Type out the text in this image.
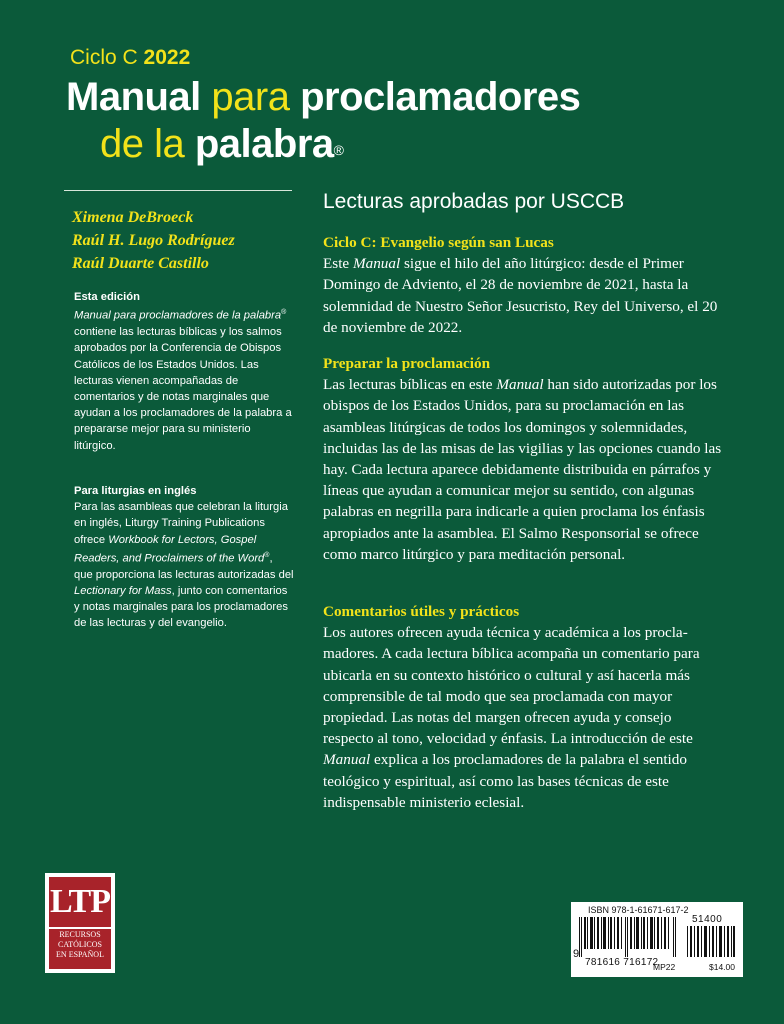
Ciclo C 2022
Manual para proclamadores
de la palabra®
Lecturas aprobadas por USCCB
Ximena DeBroeck
Raúl H. Lugo Rodríguez
Raúl Duarte Castillo
Esta edición
Manual para proclamadores de la palabra® contiene las lecturas bíblicas y los salmos aprobados por la Conferencia de Obispos Católicos de los Estados Unidos. Las lecturas vienen acompañadas de comentarios y de notas marginales que ayudan a los proclamadores de la palabra a prepararse mejor para su ministerio litúrgico.
Para liturgias en inglés
Para las asambleas que celebran la liturgia en inglés, Liturgy Training Publications ofrece Workbook for Lectors, Gospel Readers, and Proclaimers of the Word®, que proporciona las lecturas autorizadas del Lectionary for Mass, junto con comentarios y notas marginales para los proclamadores de las lecturas y del evangelio.
Ciclo C: Evangelio según san Lucas
Este Manual sigue el hilo del año litúrgico: desde el Primer Domingo de Adviento, el 28 de noviembre de 2021, hasta la solemnidad de Nuestro Señor Jesucristo, Rey del Universo, el 20 de noviembre de 2022.
Preparar la proclamación
Las lecturas bíblicas en este Manual han sido autorizadas por los obispos de los Estados Unidos, para su proclamación en las asambleas litúrgicas de todos los domingos y solemnidades, incluidas las de las misas de las vigilias y las opciones cuando las hay. Cada lectura aparece debidamente distribuida en párrafos y líneas que ayudan a comunicar mejor su sentido, con algunas palabras en negrilla para indicarle a quien proclama los énfasis apropiados ante la asamblea. El Salmo Responsorial se ofrece como marco litúrgico y para meditación personal.
Comentarios útiles y prácticos
Los autores ofrecen ayuda técnica y académica a los proclamadores. A cada lectura bíblica acompaña un comentario para ubicarla en su contexto histórico o cultural y así hacerla más comprensible de tal modo que sea proclamada con mayor propiedad. Las notas del margen ofrecen ayuda y consejo respecto al tono, velocidad y énfasis. La introducción de este Manual explica a los proclamadores de la palabra el sentido teológico y espiritual, así como las bases técnicas de este indispensable ministerio eclesial.
LTP
RECURSOS
CATÓLICOS
EN ESPAÑOL
ISBN 978-1-61671-617-2
51400
9
781616 716172
MP22	$14.00
